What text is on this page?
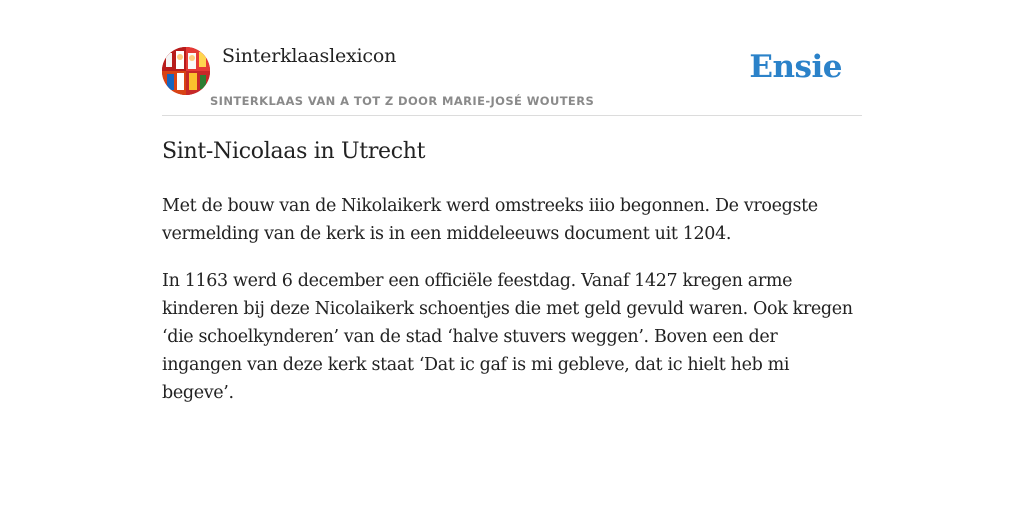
Sinterklaaslexicon
SINTERKLAAS VAN A TOT Z DOOR MARIE-JOSÉ WOUTERS
Ensie
Sint-Nicolaas in Utrecht

Met de bouw van de Nikolaikerk werd omstreeks iiio begonnen. De vroegste vermelding van de kerk is in een middeleeuws document uit 1204.

In 1163 werd 6 december een officiële feestdag. Vanaf 1427 kregen arme kinderen bij deze Nicolaikerk schoentjes die met geld gevuld waren. Ook kregen ‘die schoelkynderen’ van de stad ‘halve stuvers weggen’. Boven een der ingangen van deze kerk staat ‘Dat ic gaf is mi gebleve, dat ic hielt heb mi begeve’.
